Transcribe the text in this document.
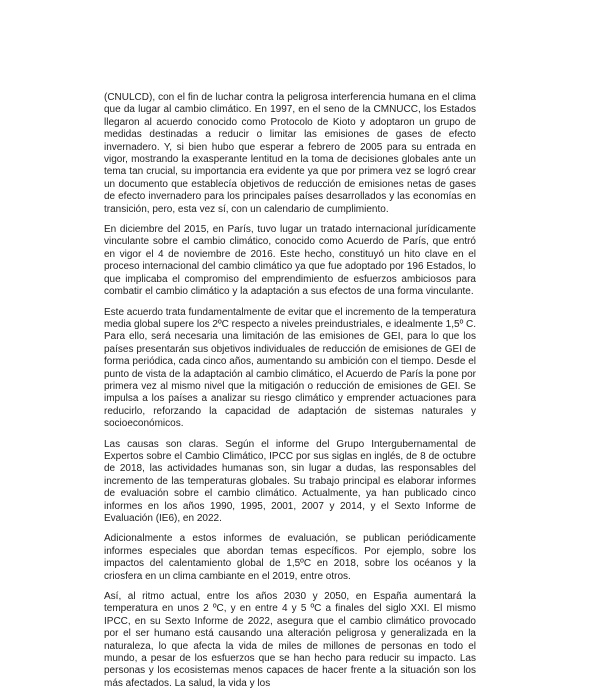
(CNULCD), con el fin de luchar contra la peligrosa interferencia humana en el clima que da lugar al cambio climático. En 1997, en el seno de la CMNUCC, los Estados llegaron al acuerdo conocido como Protocolo de Kioto y adoptaron un grupo de medidas destinadas a reducir o limitar las emisiones de gases de efecto invernadero. Y, si bien hubo que esperar a febrero de 2005 para su entrada en vigor, mostrando la exasperante lentitud en la toma de decisiones globales ante un tema tan crucial, su importancia era evidente ya que por primera vez se logró crear un documento que establecía objetivos de reducción de emisiones netas de gases de efecto invernadero para los principales países desarrollados y las economías en transición, pero, esta vez sí, con un calendario de cumplimiento.

En diciembre del 2015, en París, tuvo lugar un tratado internacional jurídicamente vinculante sobre el cambio climático, conocido como Acuerdo de París, que entró en vigor el 4 de noviembre de 2016. Este hecho, constituyó un hito clave en el proceso internacional del cambio climático ya que fue adoptado por 196 Estados, lo que implicaba el compromiso del emprendimiento de esfuerzos ambiciosos para combatir el cambio climático y la adaptación a sus efectos de una forma vinculante.

Este acuerdo trata fundamentalmente de evitar que el incremento de la temperatura media global supere los 2ºC respecto a niveles preindustriales, e idealmente 1,5º C. Para ello, será necesaria una limitación de las emisiones de GEI, para lo que los países presentarán sus objetivos individuales de reducción de emisiones de GEI de forma periódica, cada cinco años, aumentando su ambición con el tiempo. Desde el punto de vista de la adaptación al cambio climático, el Acuerdo de París la pone por primera vez al mismo nivel que la mitigación o reducción de emisiones de GEI. Se impulsa a los países a analizar su riesgo climático y emprender actuaciones para reducirlo, reforzando la capacidad de adaptación de sistemas naturales y socioeconómicos.

Las causas son claras. Según el informe del Grupo Intergubernamental de Expertos sobre el Cambio Climático, IPCC por sus siglas en inglés, de 8 de octubre de 2018, las actividades humanas son, sin lugar a dudas, las responsables del incremento de las temperaturas globales. Su trabajo principal es elaborar informes de evaluación sobre el cambio climático. Actualmente, ya han publicado cinco informes en los años 1990, 1995, 2001, 2007 y 2014, y el Sexto Informe de Evaluación (IE6), en 2022.

Adicionalmente a estos informes de evaluación, se publican periódicamente informes especiales que abordan temas específicos. Por ejemplo, sobre los impactos del calentamiento global de 1,5ºC en 2018, sobre los océanos y la criosfera en un clima cambiante en el 2019, entre otros.

Así, al ritmo actual, entre los años 2030 y 2050, en España aumentará la temperatura en unos 2 ºC, y en entre 4 y 5 ºC a finales del siglo XXI. El mismo IPCC, en su Sexto Informe de 2022, asegura que el cambio climático provocado por el ser humano está causando una alteración peligrosa y generalizada en la naturaleza, lo que afecta la vida de miles de millones de personas en todo el mundo, a pesar de los esfuerzos que se han hecho para reducir su impacto. Las personas y los ecosistemas menos capaces de hacer frente a la situación son los más afectados. La salud, la vida y los
